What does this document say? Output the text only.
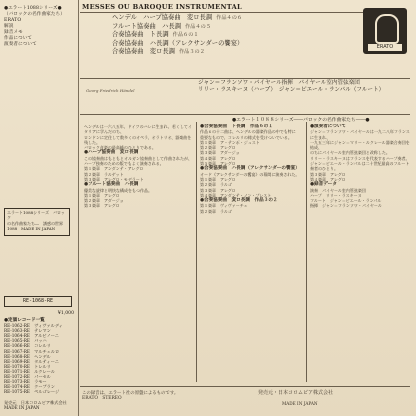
●エラート1088シリーズ●
（バロックの名作曲家たち）
ERATO
解説
録音メモ
作品について
演奏者について
エラート1088シリーズ　バロック
の名作曲家たち―　誘惑の世界
1088　MADE IN JAPAN
RE-1068-RE
¥1,000
●定価レコード一覧
RE-1062-RE　ヴィヴァルディ
RE-1063-RE　テレマン
RE-1064-RE　アルビノーニ
RE-1065-RE　バッハ
RE-1066-RE　コレルリ
RE-1067-RE　マルチェルロ
RE-1068-RE　ヘンデル
RE-1069-RE　タルティーニ
RE-1070-RE　トレルリ
RE-1071-RE　ルクレール
RE-1072-RE　パーセル
RE-1073-RE　ラモー
RE-1074-RE　クープラン
RE-1075-RE　ペルゴレージ
発売元　日本コロムビア株式会社
MADE IN JAPAN
MESSES OU BAROQUE INSTRUMENTAL
ヘンデル　ハープ協奏曲　変ロ長調 作品４の６
フルート協奏曲　ハ長調 作品４の５
合奏協奏曲　ト長調 作品６の１
合奏協奏曲　ハ長調（アレクサンダーの饗宴）
合奏協奏曲　変ロ長調 作品３の２
ERATO
ジャン＝フランソワ・パイヤール指揮　パイヤール室内管弦楽団
リリー・ラスキーヌ（ハープ）　ジャン＝ピエール・ランパル（フルート）
Georg Friedrich Händel
●エラート１０８８シリーズ――バロックの名作曲家たち――●
ヘンデルは一六八五年、ドイツのハレに生まれ、若くしてイタリアに学んだのち、
ロンドンに定住して数多くのオペラ、オラトリオ、器楽曲を残した。
バロック音楽の最高峰のひとりである。
●ハープ協奏曲　変ロ長調
この協奏曲はもともとオルガン協奏曲として作曲されたが、
ハープ独奏のための版でもよく演奏される。
第１楽章　アンダンテ・アレグロ
第２楽章　ラルゲット
第３楽章　アレグロ・モデラート
●フルート協奏曲　ハ長調
優美な旋律と明快な構成をもつ作品。
第１楽章　アレグロ
第２楽章　アダージョ
第３楽章　アレグロ
●合奏協奏曲　ト長調　作品６の１
作品６の十二曲は、ヘンデルの器楽作品の中でも特に
重要なもので、コレルリの様式を受けついでいる。
第１楽章　ア・テンポ・ジュスト
第２楽章　アレグロ
第３楽章　アダージョ
第４楽章　アレグロ
第５楽章　アレグロ
●合奏協奏曲　ハ長調（アレクサンダーの饗宴）
オード《アレクサンダーの饗宴》の幕間に演奏された。
第１楽章　アレグロ
第２楽章　ラルゴ
第３楽章　アレグロ
第４楽章　アンダンテ・ノン・プレスト
●合奏協奏曲　変ロ長調　作品３の２
第１楽章　ヴィヴァーチェ
第２楽章　ラルゴ
●演奏者について
ジャン＝フランソワ・パイヤールは一九二八年フランスに生まれ、
一九五三年にジャン＝マリー・ルクレール器楽合奏団を結成、
のちにパイヤール室内管弦楽団と改称した。
リリー・ラスキーヌはフランスを代表するハープ奏者。
ジャン＝ピエール・ランパルは二十世紀最高のフルート奏者のひとり。
第３楽章　アレグロ
第４楽章　アレグロ
●録音データ
演奏　パイヤール室内管弦楽団
ハープ　リリー・ラスキーヌ
フルート　ジャン＝ピエール・ランパル
指揮　ジャン＝フランソワ・パイヤール
この録音は、エラート社の原盤によるものです。
ERATO　STEREO
発売元・日本コロムビア株式会社
MADE IN JAPAN
